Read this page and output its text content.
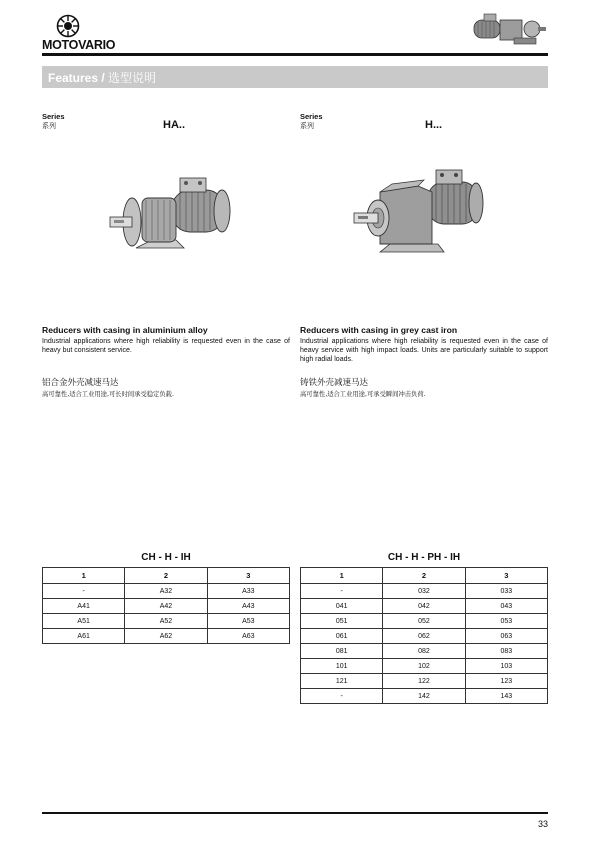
MOTOVARIO
Features / 选型说明
Series
系列	HA..
Reducers with casing in aluminium alloy
Industrial applications where high reliability is requested even in the case of heavy but consistent service.
铝合金外壳减速马达
高可靠性,适合工业用途,可长时间承受稳定负载.
Series
系列	H...
Reducers with casing in grey cast iron
Industrial applications where high reliability is requested even in the case of heavy service with high impact loads. Units are particularly suitable to support high radial loads.
铸铁外壳减速马达
高可靠性,适合工业用途,可承受瞬间冲击负荷.
CH - H - IH
1	2	3
-	A32	A33
A41	A42	A43
A51	A52	A53
A61	A62	A63
CH - H - PH - IH
1	2	3
-	032	033
041	042	043
051	052	053
061	062	063
081	082	083
101	102	103
121	122	123
-	142	143
33
